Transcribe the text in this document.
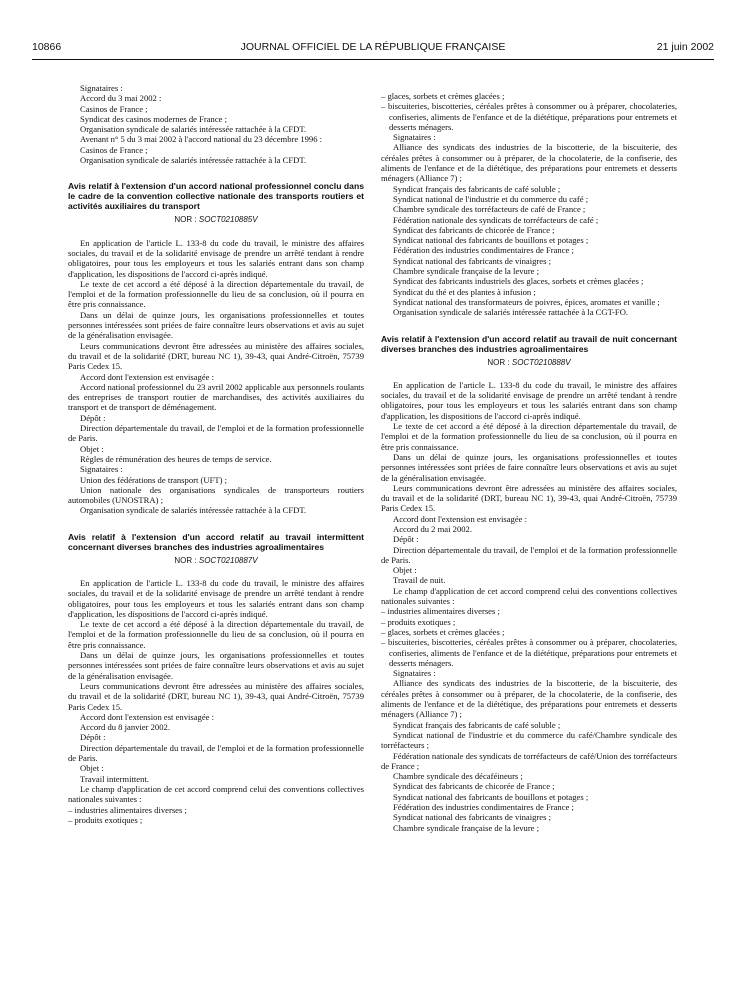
10866	JOURNAL OFFICIEL DE LA RÉPUBLIQUE FRANÇAISE	21 juin 2002

Signataires :

Accord du 3 mai 2002 :

Casinos de France ;

Syndicat des casinos modernes de France ;

Organisation syndicale de salariés intéressée rattachée à la CFDT.

Avenant n° 5 du 3 mai 2002 à l'accord national du 23 décembre 1996 :

Casinos de France ;

Organisation syndicale de salariés intéressée rattachée à la CFDT.

Avis relatif à l'extension d'un accord national professionnel conclu dans le cadre de la convention collective nationale des transports routiers et activités auxiliaires du transport
NOR : SOCT0210885V

En application de l'article L. 133-8 du code du travail, le ministre des affaires sociales, du travail et de la solidarité envisage de prendre un arrêté tendant à rendre obligatoires, pour tous les employeurs et tous les salariés entrant dans son champ d'application, les dispositions de l'accord ci-après indiqué.

Le texte de cet accord a été déposé à la direction départementale du travail, de l'emploi et de la formation professionnelle du lieu de sa conclusion, où il pourra en être pris connaissance.

Dans un délai de quinze jours, les organisations professionnelles et toutes personnes intéressées sont priées de faire connaître leurs observations et avis au sujet de la généralisation envisagée.

Leurs communications devront être adressées au ministère des affaires sociales, du travail et de la solidarité (DRT, bureau NC 1), 39-43, quai André-Citroën, 75739 Paris Cedex 15.

Accord dont l'extension est envisagée :

Accord national professionnel du 23 avril 2002 applicable aux personnels roulants des entreprises de transport routier de marchandises, des activités auxiliaires du transport et de transport de déménagement.

Dépôt :

Direction départementale du travail, de l'emploi et de la formation professionnelle de Paris.

Objet :

Règles de rémunération des heures de temps de service.

Signataires :

Union des fédérations de transport (UFT) ;

Union nationale des organisations syndicales de transporteurs routiers automobiles (UNOSTRA) ;

Organisation syndicale de salariés intéressée rattachée à la CFDT.

Avis relatif à l'extension d'un accord relatif au travail intermittent concernant diverses branches des industries agroalimentaires
NOR : SOCT0210887V

En application de l'article L. 133-8 du code du travail, le ministre des affaires sociales, du travail et de la solidarité envisage de prendre un arrêté tendant à rendre obligatoires, pour tous les employeurs et tous les salariés entrant dans son champ d'application, les dispositions de l'accord ci-après indiqué.

Le texte de cet accord a été déposé à la direction départementale du travail, de l'emploi et de la formation professionnelle du lieu de sa conclusion, où il pourra en être pris connaissance.

Dans un délai de quinze jours, les organisations professionnelles et toutes personnes intéressées sont priées de faire connaître leurs observations et avis au sujet de la généralisation envisagée.

Leurs communications devront être adressées au ministère des affaires sociales, du travail et de la solidarité (DRT, bureau NC 1), 39-43, quai André-Citroën, 75739 Paris Cedex 15.

Accord dont l'extension est envisagée :

Accord du 8 janvier 2002.

Dépôt :

Direction départementale du travail, de l'emploi et de la formation professionnelle de Paris.

Objet :

Travail intermittent.

Le champ d'application de cet accord comprend celui des conventions collectives nationales suivantes :

– industries alimentaires diverses ;

– produits exotiques ;

– glaces, sorbets et crèmes glacées ;

– biscuiteries, biscotteries, céréales prêtes à consommer ou à préparer, chocolateries, confiseries, aliments de l'enfance et de la diététique, préparations pour entremets et desserts ménagers.

Signataires :

Alliance des syndicats des industries de la biscotterie, de la biscuiterie, des céréales prêtes à consommer ou à préparer, de la chocolaterie, de la confiserie, des aliments de l'enfance et de la diététique, des préparations pour entremets et desserts ménagers (Alliance 7) ;

Syndicat français des fabricants de café soluble ;

Syndicat national de l'industrie et du commerce du café ;

Chambre syndicale des torréfacteurs de café de France ;

Fédération nationale des syndicats de torréfacteurs de café ;

Syndicat des fabricants de chicorée de France ;

Syndicat national des fabricants de bouillons et potages ;

Fédération des industries condimentaires de France ;

Syndicat national des fabricants de vinaigres ;

Chambre syndicale française de la levure ;

Syndicat des fabricants industriels des glaces, sorbets et crèmes glacées ;

Syndicat du thé et des plantes à infusion ;

Syndicat national des transformateurs de poivres, épices, aromates et vanille ;

Organisation syndicale de salariés intéressée rattachée à la CGT-FO.

Avis relatif à l'extension d'un accord relatif au travail de nuit concernant diverses branches des industries agroalimentaires
NOR : SOCT0210888V

En application de l'article L. 133-8 du code du travail, le ministre des affaires sociales, du travail et de la solidarité envisage de prendre un arrêté tendant à rendre obligatoires, pour tous les employeurs et tous les salariés entrant dans son champ d'application, les dispositions de l'accord ci-après indiqué.

Le texte de cet accord a été déposé à la direction départementale du travail, de l'emploi et de la formation professionnelle du lieu de sa conclusion, où il pourra en être pris connaissance.

Dans un délai de quinze jours, les organisations professionnelles et toutes personnes intéressées sont priées de faire connaître leurs observations et avis au sujet de la généralisation envisagée.

Leurs communications devront être adressées au ministère des affaires sociales, du travail et de la solidarité (DRT, bureau NC 1), 39-43, quai André-Citroën, 75739 Paris Cedex 15.

Accord dont l'extension est envisagée :

Accord du 2 mai 2002.

Dépôt :

Direction départementale du travail, de l'emploi et de la formation professionnelle de Paris.

Objet :

Travail de nuit.

Le champ d'application de cet accord comprend celui des conventions collectives nationales suivantes :

– industries alimentaires diverses ;

– produits exotiques ;

– glaces, sorbets et crèmes glacées ;

– biscuiteries, biscotteries, céréales prêtes à consommer ou à préparer, chocolateries, confiseries, aliments de l'enfance et de la diététique, préparations pour entremets et desserts ménagers.

Signataires :

Alliance des syndicats des industries de la biscotterie, de la biscuiterie, des céréales prêtes à consommer ou à préparer, de la chocolaterie, de la confiserie, des aliments de l'enfance et de la diététique, des préparations pour entremets et desserts ménagers (Alliance 7) ;

Syndicat français des fabricants de café soluble ;

Syndicat national de l'industrie et du commerce du café/Chambre syndicale des torréfacteurs ;

Fédération nationale des syndicats de torréfacteurs de café/Union des torréfacteurs de France ;

Chambre syndicale des décaféineurs ;

Syndicat des fabricants de chicorée de France ;

Syndicat national des fabricants de bouillons et potages ;

Fédération des industries condimentaires de France ;

Syndicat national des fabricants de vinaigres ;

Chambre syndicale française de la levure ;
